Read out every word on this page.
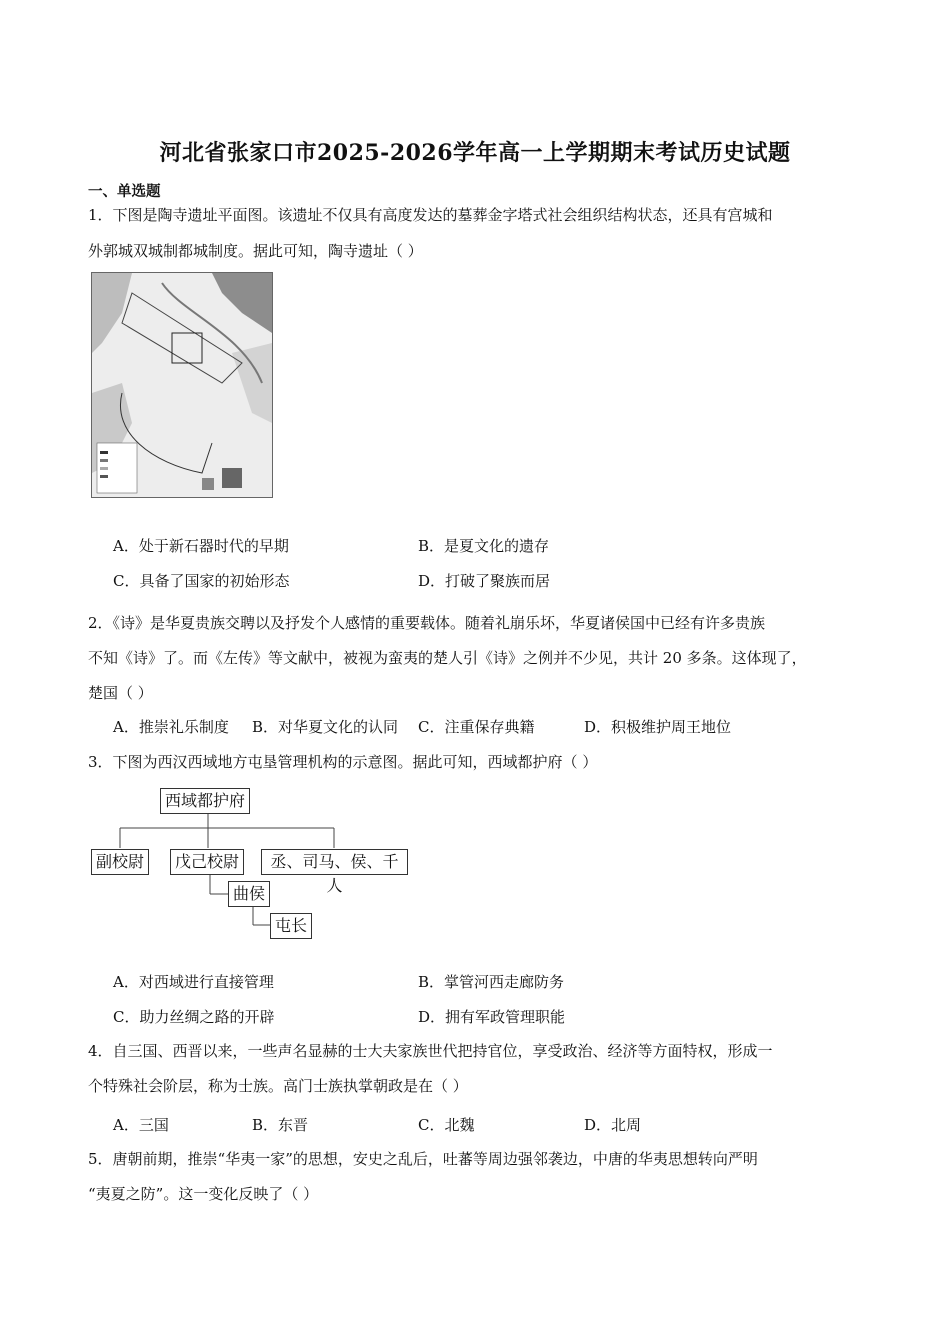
河北省张家口市2025-2026学年高一上学期期末考试历史试题
一、单选题
1．下图是陶寺遗址平面图。该遗址不仅具有高度发达的墓葬金字塔式社会组织结构状态，还具有宫城和
外郭城双城制都城制度。据此可知，陶寺遗址（ ）
A．处于新石器时代的早期	B．是夏文化的遗存
C．具备了国家的初始形态	D．打破了聚族而居
2．《诗》是华夏贵族交聘以及抒发个人感情的重要载体。随着礼崩乐坏，华夏诸侯国中已经有许多贵族
不知《诗》了。而《左传》等文献中，被视为蛮夷的楚人引《诗》之例并不少见，共计 20 多条。这体现了，
楚国（ ）
A．推崇礼乐制度 B．对华夏文化的认同 C．注重保存典籍	D．积极维护周王地位
3．下图为西汉西域地方屯垦管理机构的示意图。据此可知，西域都护府（ ）
西域都护府
副校尉	戊己校尉	丞、司马、侯、千人
曲侯
屯长
A．对西域进行直接管理	B．掌管河西走廊防务
C．助力丝绸之路的开辟	D．拥有军政管理职能
4．自三国、西晋以来，一些声名显赫的士大夫家族世代把持官位，享受政治、经济等方面特权，形成一
个特殊社会阶层，称为士族。高门士族执掌朝政是在（ ）
A．三国	B．东晋	C．北魏	D．北周
5．唐朝前期，推崇“华夷一家”的思想，安史之乱后，吐蕃等周边强邻袭边，中唐的华夷思想转向严明
“夷夏之防”。这一变化反映了（ ）
